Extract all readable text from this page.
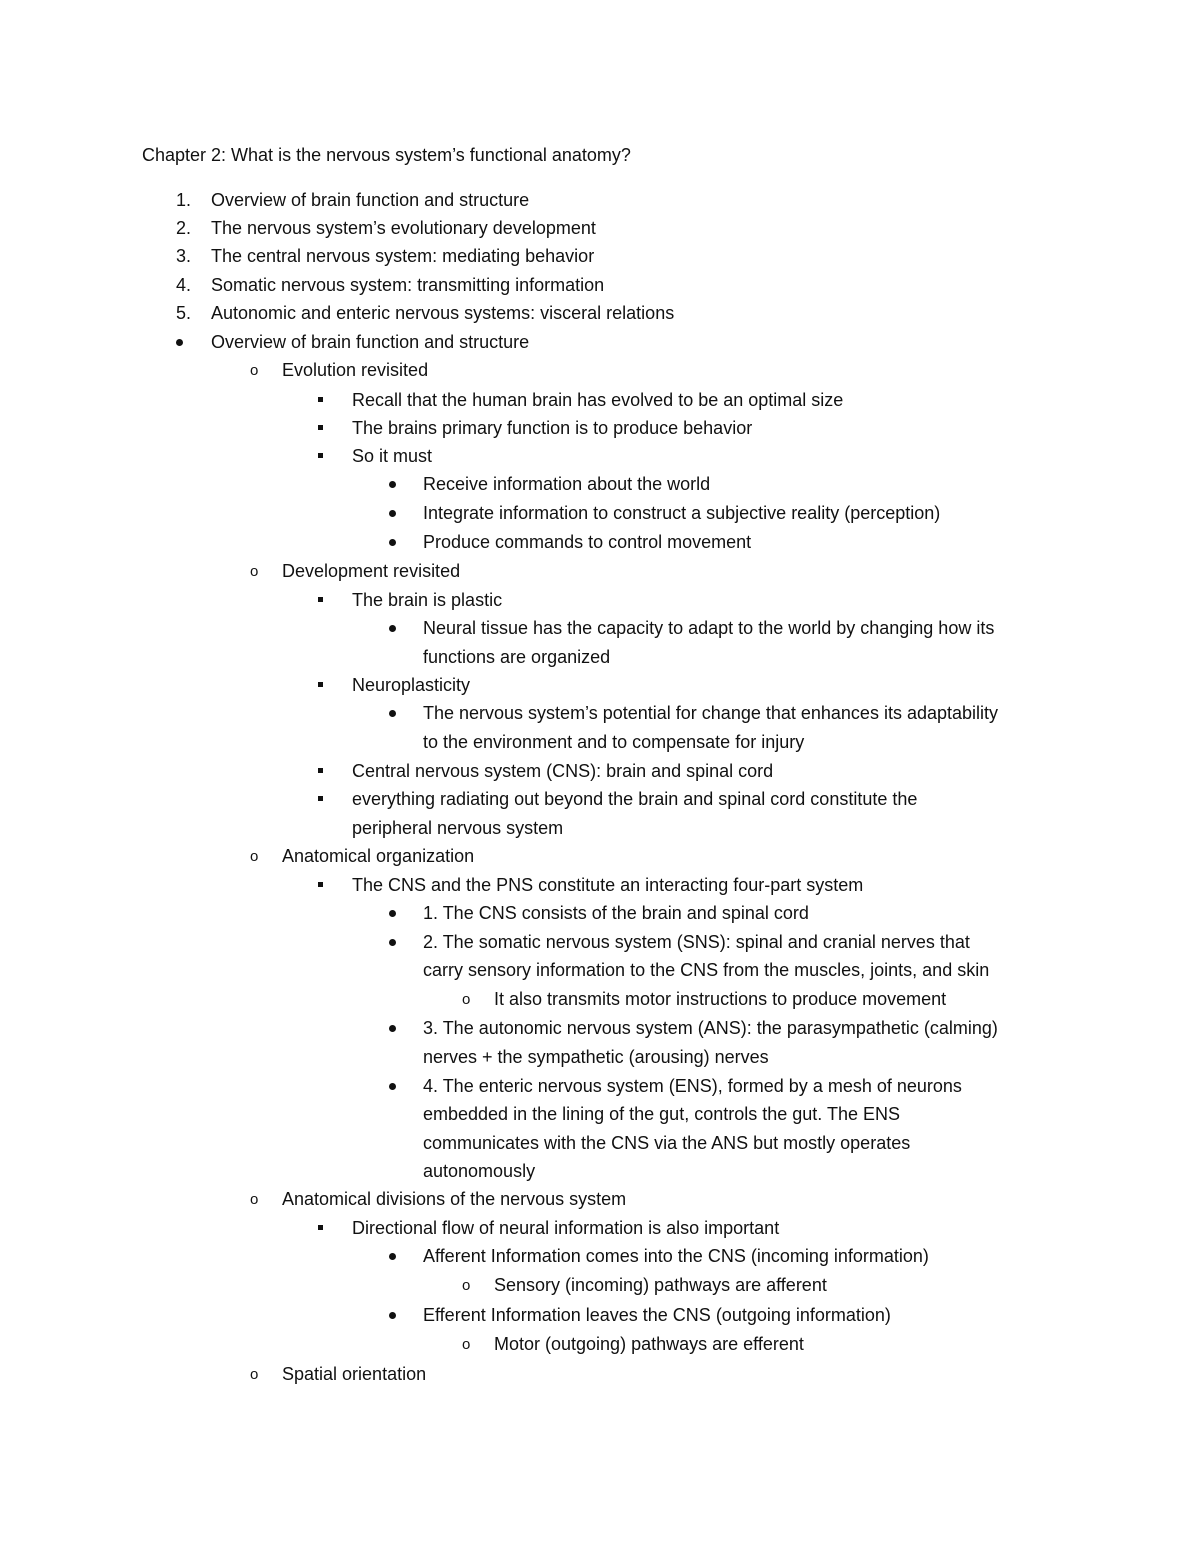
Chapter 2: What is the nervous system’s functional anatomy?
1.	Overview of brain function and structure
2.	The nervous system’s evolutionary development
3.	The central nervous system: mediating behavior
4.	Somatic nervous system: transmitting information
5.	Autonomic and enteric nervous systems: visceral relations
Overview of brain function and structure
o Evolution revisited
Recall that the human brain has evolved to be an optimal size
The brains primary function is to produce behavior
So it must
Receive information about the world
Integrate information to construct a subjective reality (perception)
Produce commands to control movement
o Development revisited
The brain is plastic
Neural tissue has the capacity to adapt to the world by changing how its
functions are organized
Neuroplasticity
The nervous system’s potential for change that enhances its adaptability
to the environment and to compensate for injury
Central nervous system (CNS): brain and spinal cord
everything radiating out beyond the brain and spinal cord constitute the
peripheral nervous system
o Anatomical organization
The CNS and the PNS constitute an interacting four-part system
1. The CNS consists of the brain and spinal cord
2. The somatic nervous system (SNS): spinal and cranial nerves that
carry sensory information to the CNS from the muscles, joints, and skin
o It also transmits motor instructions to produce movement
3. The autonomic nervous system (ANS): the parasympathetic (calming)
nerves + the sympathetic (arousing) nerves
4. The enteric nervous system (ENS), formed by a mesh of neurons
embedded in the lining of the gut, controls the gut. The ENS
communicates with the CNS via the ANS but mostly operates
autonomously
o Anatomical divisions of the nervous system
Directional flow of neural information is also important
Afferent Information comes into the CNS (incoming information)
o Sensory (incoming) pathways are afferent
Efferent Information leaves the CNS (outgoing information)
o Motor (outgoing) pathways are efferent
o Spatial orientation
